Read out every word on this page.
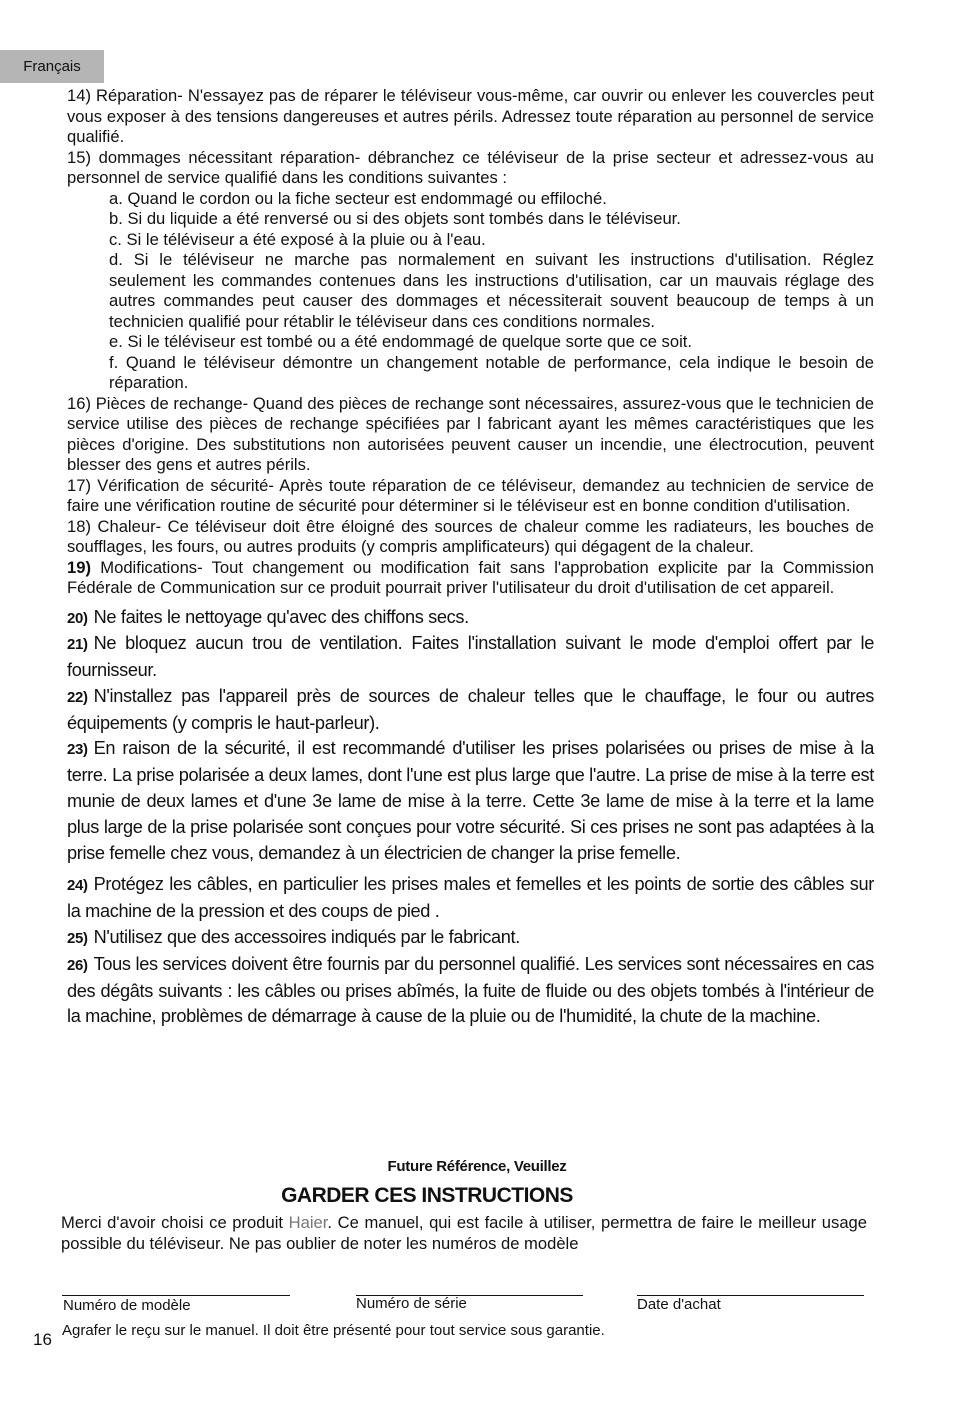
Français

14) Réparation- N'essayez pas de réparer le téléviseur vous-même, car ouvrir ou enlever les couvercles peut vous exposer à des tensions dangereuses et autres périls. Adressez toute réparation au personnel de service qualifié.

15) dommages nécessitant réparation- débranchez ce téléviseur de la prise secteur et adressez-vous au personnel de service qualifié dans les conditions suivantes :

a. Quand le cordon ou la fiche secteur est endommagé ou effiloché.

b. Si du liquide a été renversé ou si des objets sont tombés dans le téléviseur.

c. Si le téléviseur a été exposé à la pluie ou à l'eau.

d. Si le téléviseur ne marche pas normalement en suivant les instructions d'utilisation. Réglez seulement les commandes contenues dans les instructions d'utilisation, car un mauvais réglage des autres commandes peut causer des dommages et nécessiterait souvent beaucoup de temps à un technicien qualifié pour rétablir le téléviseur dans ces conditions normales.

e. Si le téléviseur est tombé ou a été endommagé de quelque sorte que ce soit.

f. Quand le téléviseur démontre un changement notable de performance, cela indique le besoin de réparation.

16) Pièces de rechange- Quand des pièces de rechange sont nécessaires, assurez-vous que le technicien de service utilise des pièces de rechange spécifiées par l fabricant ayant les mêmes caractéristiques que les pièces d'origine. Des substitutions non autorisées peuvent causer un incendie, une électrocution, peuvent blesser des gens et autres périls.

17) Vérification de sécurité- Après toute réparation de ce téléviseur, demandez au technicien de service de faire une vérification routine de sécurité pour déterminer si le téléviseur est en bonne condition d'utilisation.

18) Chaleur- Ce téléviseur doit être éloigné des sources de chaleur comme les radiateurs, les bouches de soufflages, les fours, ou autres produits (y compris amplificateurs) qui dégagent de la chaleur.

19) Modifications- Tout changement ou modification fait sans l'approbation explicite par la Commission Fédérale de Communication sur ce produit pourrait priver l'utilisateur du droit d'utilisation de cet appareil.

20) Ne faites le nettoyage qu'avec des chiffons secs.

21) Ne bloquez aucun trou de ventilation. Faites l'installation suivant le mode d'emploi offert par le fournisseur.

22) N'installez pas l'appareil près de sources de chaleur telles que le chauffage, le four ou autres équipements (y compris le haut-parleur).

23) En raison de la sécurité, il est recommandé d'utiliser les prises polarisées ou prises de mise à la terre. La prise polarisée a deux lames, dont l'une est plus large que l'autre. La prise de mise à la terre est munie de deux lames et d'une 3e lame de mise à la terre. Cette 3e lame de mise à la terre et la lame plus large de la prise polarisée sont conçues pour votre sécurité. Si ces prises ne sont pas adaptées à la prise femelle chez vous, demandez à un électricien de changer la prise femelle.

24) Protégez les câbles, en particulier les prises males et femelles et les points de sortie des câbles sur la machine de la pression et des coups de pied .

25) N'utilisez que des accessoires indiqués par le fabricant.

26) Tous les services doivent être fournis par du personnel qualifié. Les services sont nécessaires en cas des dégâts suivants : les câbles ou prises abîmés, la fuite de fluide ou des objets tombés à l'intérieur de la machine, problèmes de démarrage à cause de la pluie ou de l'humidité, la chute de la machine.

Future Référence, Veuillez
GARDER CES INSTRUCTIONS

Merci d'avoir choisi ce produit Haier. Ce manuel, qui est facile à utiliser, permettra de faire le meilleur usage possible du téléviseur. Ne pas oublier de noter les numéros de modèle

Numéro de modèle	Numéro de série	Date d'achat
16 Agrafer le reçu sur le manuel. Il doit être présenté pour tout service sous garantie.
